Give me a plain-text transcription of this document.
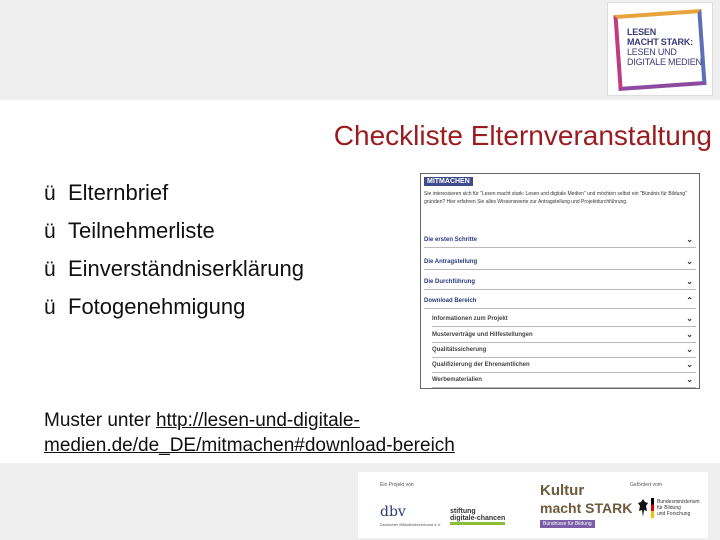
LESEN
MACHT STARK:
LESEN UND
DIGITALE MEDIEN
Checkliste Elternveranstaltung
ü Elternbrief
ü Teilnehmerliste
ü Einverständniserklärung
ü Fotogenehmigung
MITMACHEN
Sie interessieren sich für "Lesen macht stark: Lesen und digitale Medien" und möchten selbst ein "Bündnis für Bildung" gründen? Hier erfahren Sie alles Wissenswerte zur Antragstellung und Projektdurchführung.
Die ersten Schritte	⌄
Die Antragstellung	⌄
Die Durchführung	⌄
Download Bereich	⌃
Informationen zum Projekt	⌄
Musterverträge und Hilfestellungen	⌄
Qualitätssicherung	⌄
Qualifizierung der Ehrenamtlichen	⌄
Werbematerialien	⌄
Muster unter http://lesen-und-digitale-
medien.de/de_DE/mitmachen#download-bereich
Ein Projekt von	Gefördert vom
dbv
Deutscher Bibliotheksverband e.V.
stiftung
digitale-chancen
Kultur
macht STARK
Bündnisse für Bildung
Bundesministerium
für Bildung
und Forschung
